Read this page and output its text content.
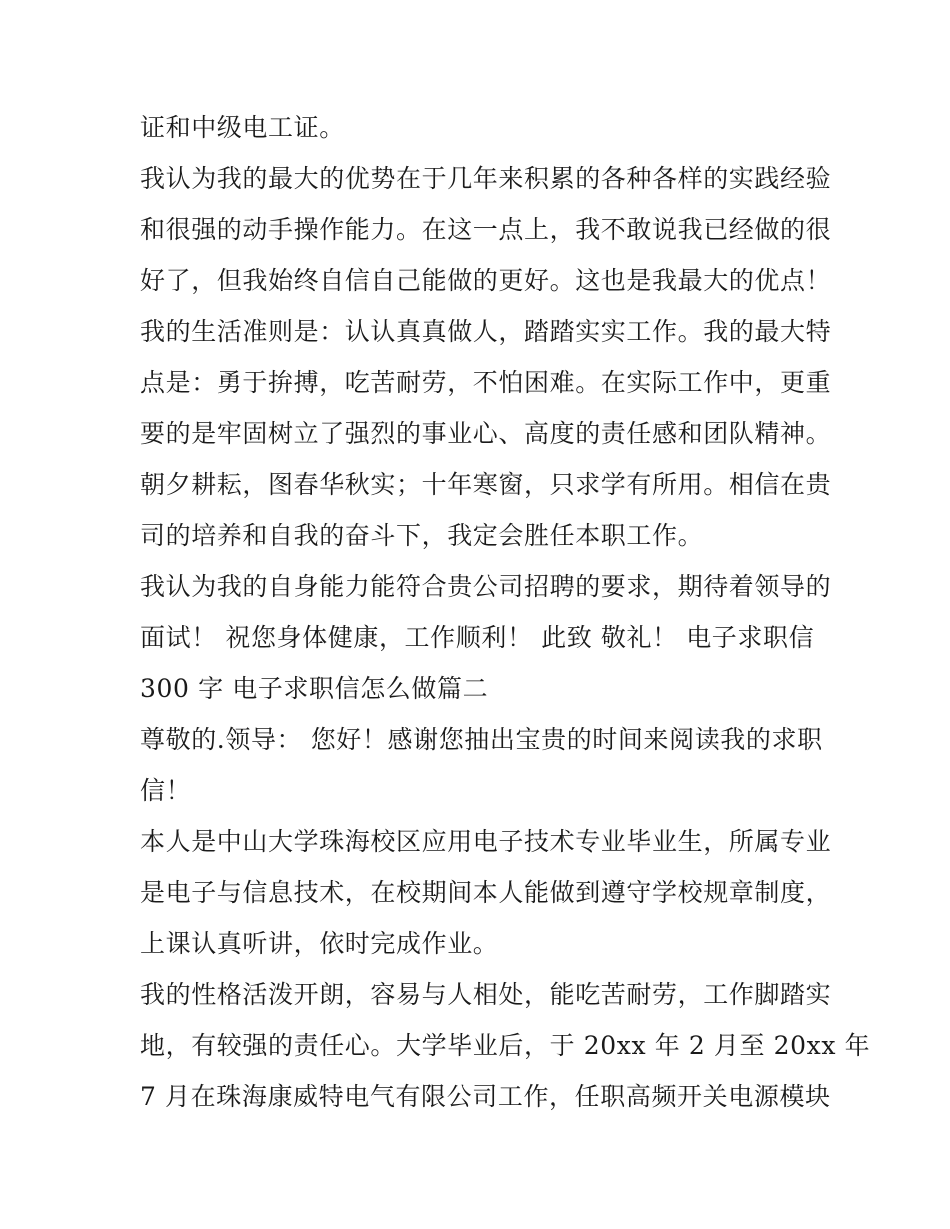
证和中级电工证。
我认为我的最大的优势在于几年来积累的各种各样的实践经验
和很强的动手操作能力。在这一点上，我不敢说我已经做的很
好了，但我始终自信自己能做的更好。这也是我最大的优点！
我的生活准则是：认认真真做人，踏踏实实工作。我的最大特
点是：勇于拚搏，吃苦耐劳，不怕困难。在实际工作中，更重
要的是牢固树立了强烈的事业心、高度的责任感和团队精神。
朝夕耕耘，图春华秋实；十年寒窗，只求学有所用。相信在贵
司的培养和自我的奋斗下，我定会胜任本职工作。
我认为我的自身能力能符合贵公司招聘的要求，期待着领导的
面试！ 祝您身体健康，工作顺利！ 此致 敬礼！ 电子求职信
300 字 电子求职信怎么做篇二
尊敬的.领导： 您好！感谢您抽出宝贵的时间来阅读我的求职
信！
本人是中山大学珠海校区应用电子技术专业毕业生，所属专业
是电子与信息技术，在校期间本人能做到遵守学校规章制度，
上课认真听讲，依时完成作业。
我的性格活泼开朗，容易与人相处，能吃苦耐劳，工作脚踏实
地，有较强的责任心。大学毕业后，于 20xx 年 2 月至 20xx 年
7 月在珠海康威特电气有限公司工作，任职高频开关电源模块
